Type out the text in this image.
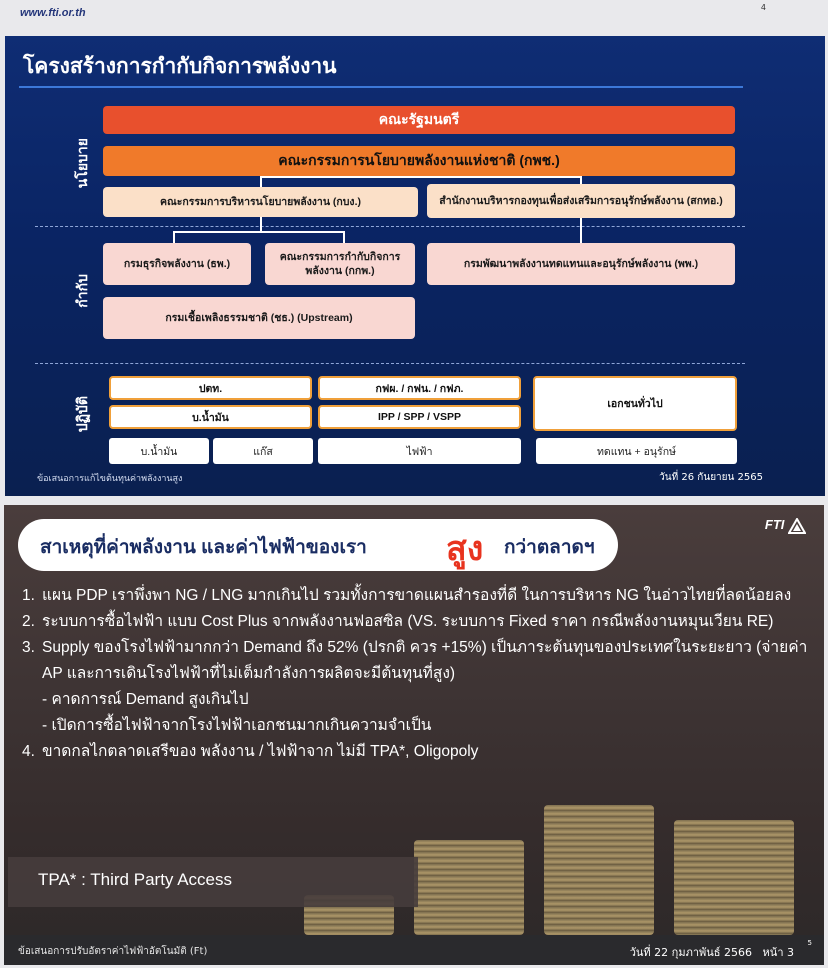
www.fti.or.th	4
โครงสร้างการกำกับกิจการพลังงาน
นโยบาย
กำกับ
ปฏิบัติ
คณะรัฐมนตรี
คณะกรรมการนโยบายพลังงานแห่งชาติ (กพช.)
คณะกรรมการบริหารนโยบายพลังงาน (กบง.)	สำนักงานบริหารกองทุนเพื่อส่งเสริมการอนุรักษ์พลังงาน (สกทอ.)
กรมธุรกิจพลังงาน (ธพ.)
คณะกรรมการกำกับกิจการพลังงาน (กกพ.)
กรมพัฒนาพลังงานทดแทนและอนุรักษ์พลังงาน (พพ.)
กรมเชื้อเพลิงธรรมชาติ (ชธ.) (Upstream)
ปตท.	กฟผ. / กฟน. / กฟภ.
เอกชนทั่วไป
บ.น้ำมัน	IPP / SPP / VSPP
บ.น้ำมัน	แก๊ส	ไฟฟ้า	ทดแทน + อนุรักษ์
ข้อเสนอการแก้ไขต้นทุนค่าพลังงานสูง	วันที่ 26 กันยายน 2565
สาเหตุที่ค่าพลังงาน และค่าไฟฟ้าของเรา สูง กว่าตลาดฯ
FTI
1. แผน PDP เราพึ่งพา NG / LNG มากเกินไป รวมทั้งการขาดแผนสำรองที่ดี ในการบริหาร NG ในอ่าวไทยที่ลดน้อยลง
2. ระบบการซื้อไฟฟ้า แบบ Cost Plus จากพลังงานฟอสซิล (VS. ระบบการ Fixed ราคา กรณีพลังงานหมุนเวียน RE)
3. Supply ของโรงไฟฟ้ามากกว่า Demand ถึง 52% (ปรกติ ควร +15%) เป็นภาระต้นทุนของประเทศในระยะยาว (จ่ายค่า AP และการเดินโรงไฟฟ้าที่ไม่เต็มกำลังการผลิตจะมีต้นทุนที่สูง)
- คาดการณ์ Demand สูงเกินไป
- เปิดการซื้อไฟฟ้าจากโรงไฟฟ้าเอกชนมากเกินความจำเป็น
4. ขาดกลไกตลาดเสรีของ พลังงาน / ไฟฟ้าจาก ไม่มี TPA*, Oligopoly
TPA* : Third Party Access
ข้อเสนอการปรับอัตราค่าไฟฟ้าอัตโนมัติ (Ft)	วันที่ 22 กุมภาพันธ์ 2566
5
หน้า 3
